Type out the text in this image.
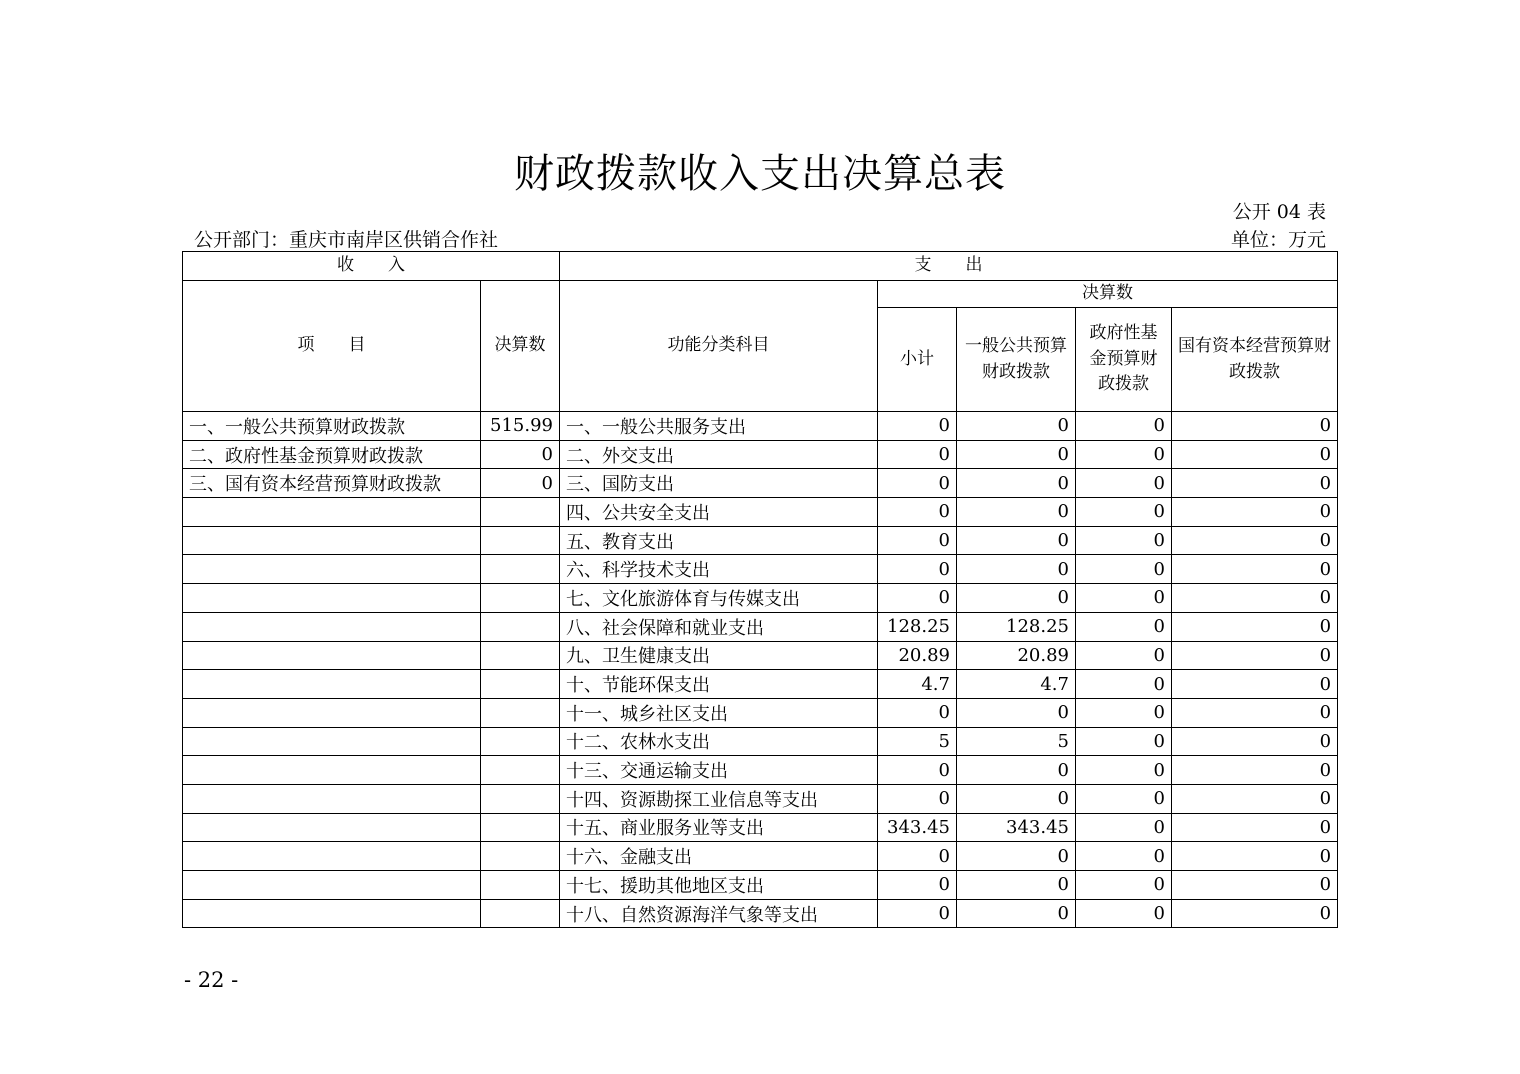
财政拨款收入支出决算总表
公开 04 表
公开部门：重庆市南岸区供销合作社	单位：万元
收　　入		支　　出				
项　　目	决算数	功能分类科目	决算数			
			小计	一般公共预算财政拨款	政府性基金预算财政拨款	国有资本经营预算财政拨款
一、一般公共预算财政拨款	515.99	一、一般公共服务支出	0	0	0	0
二、政府性基金预算财政拨款	0	二、外交支出	0	0	0	0
三、国有资本经营预算财政拨款	0	三、国防支出	0	0	0	0
		四、公共安全支出	0	0	0	0
		五、教育支出	0	0	0	0
		六、科学技术支出	0	0	0	0
		七、文化旅游体育与传媒支出	0	0	0	0
		八、社会保障和就业支出	128.25	128.25	0	0
		九、卫生健康支出	20.89	20.89	0	0
		十、节能环保支出	4.7	4.7	0	0
		十一、城乡社区支出	0	0	0	0
		十二、农林水支出	5	5	0	0
		十三、交通运输支出	0	0	0	0
		十四、资源勘探工业信息等支出	0	0	0	0
		十五、商业服务业等支出	343.45	343.45	0	0
		十六、金融支出	0	0	0	0
		十七、援助其他地区支出	0	0	0	0
		十八、自然资源海洋气象等支出	0	0	0	0
- 22 -
